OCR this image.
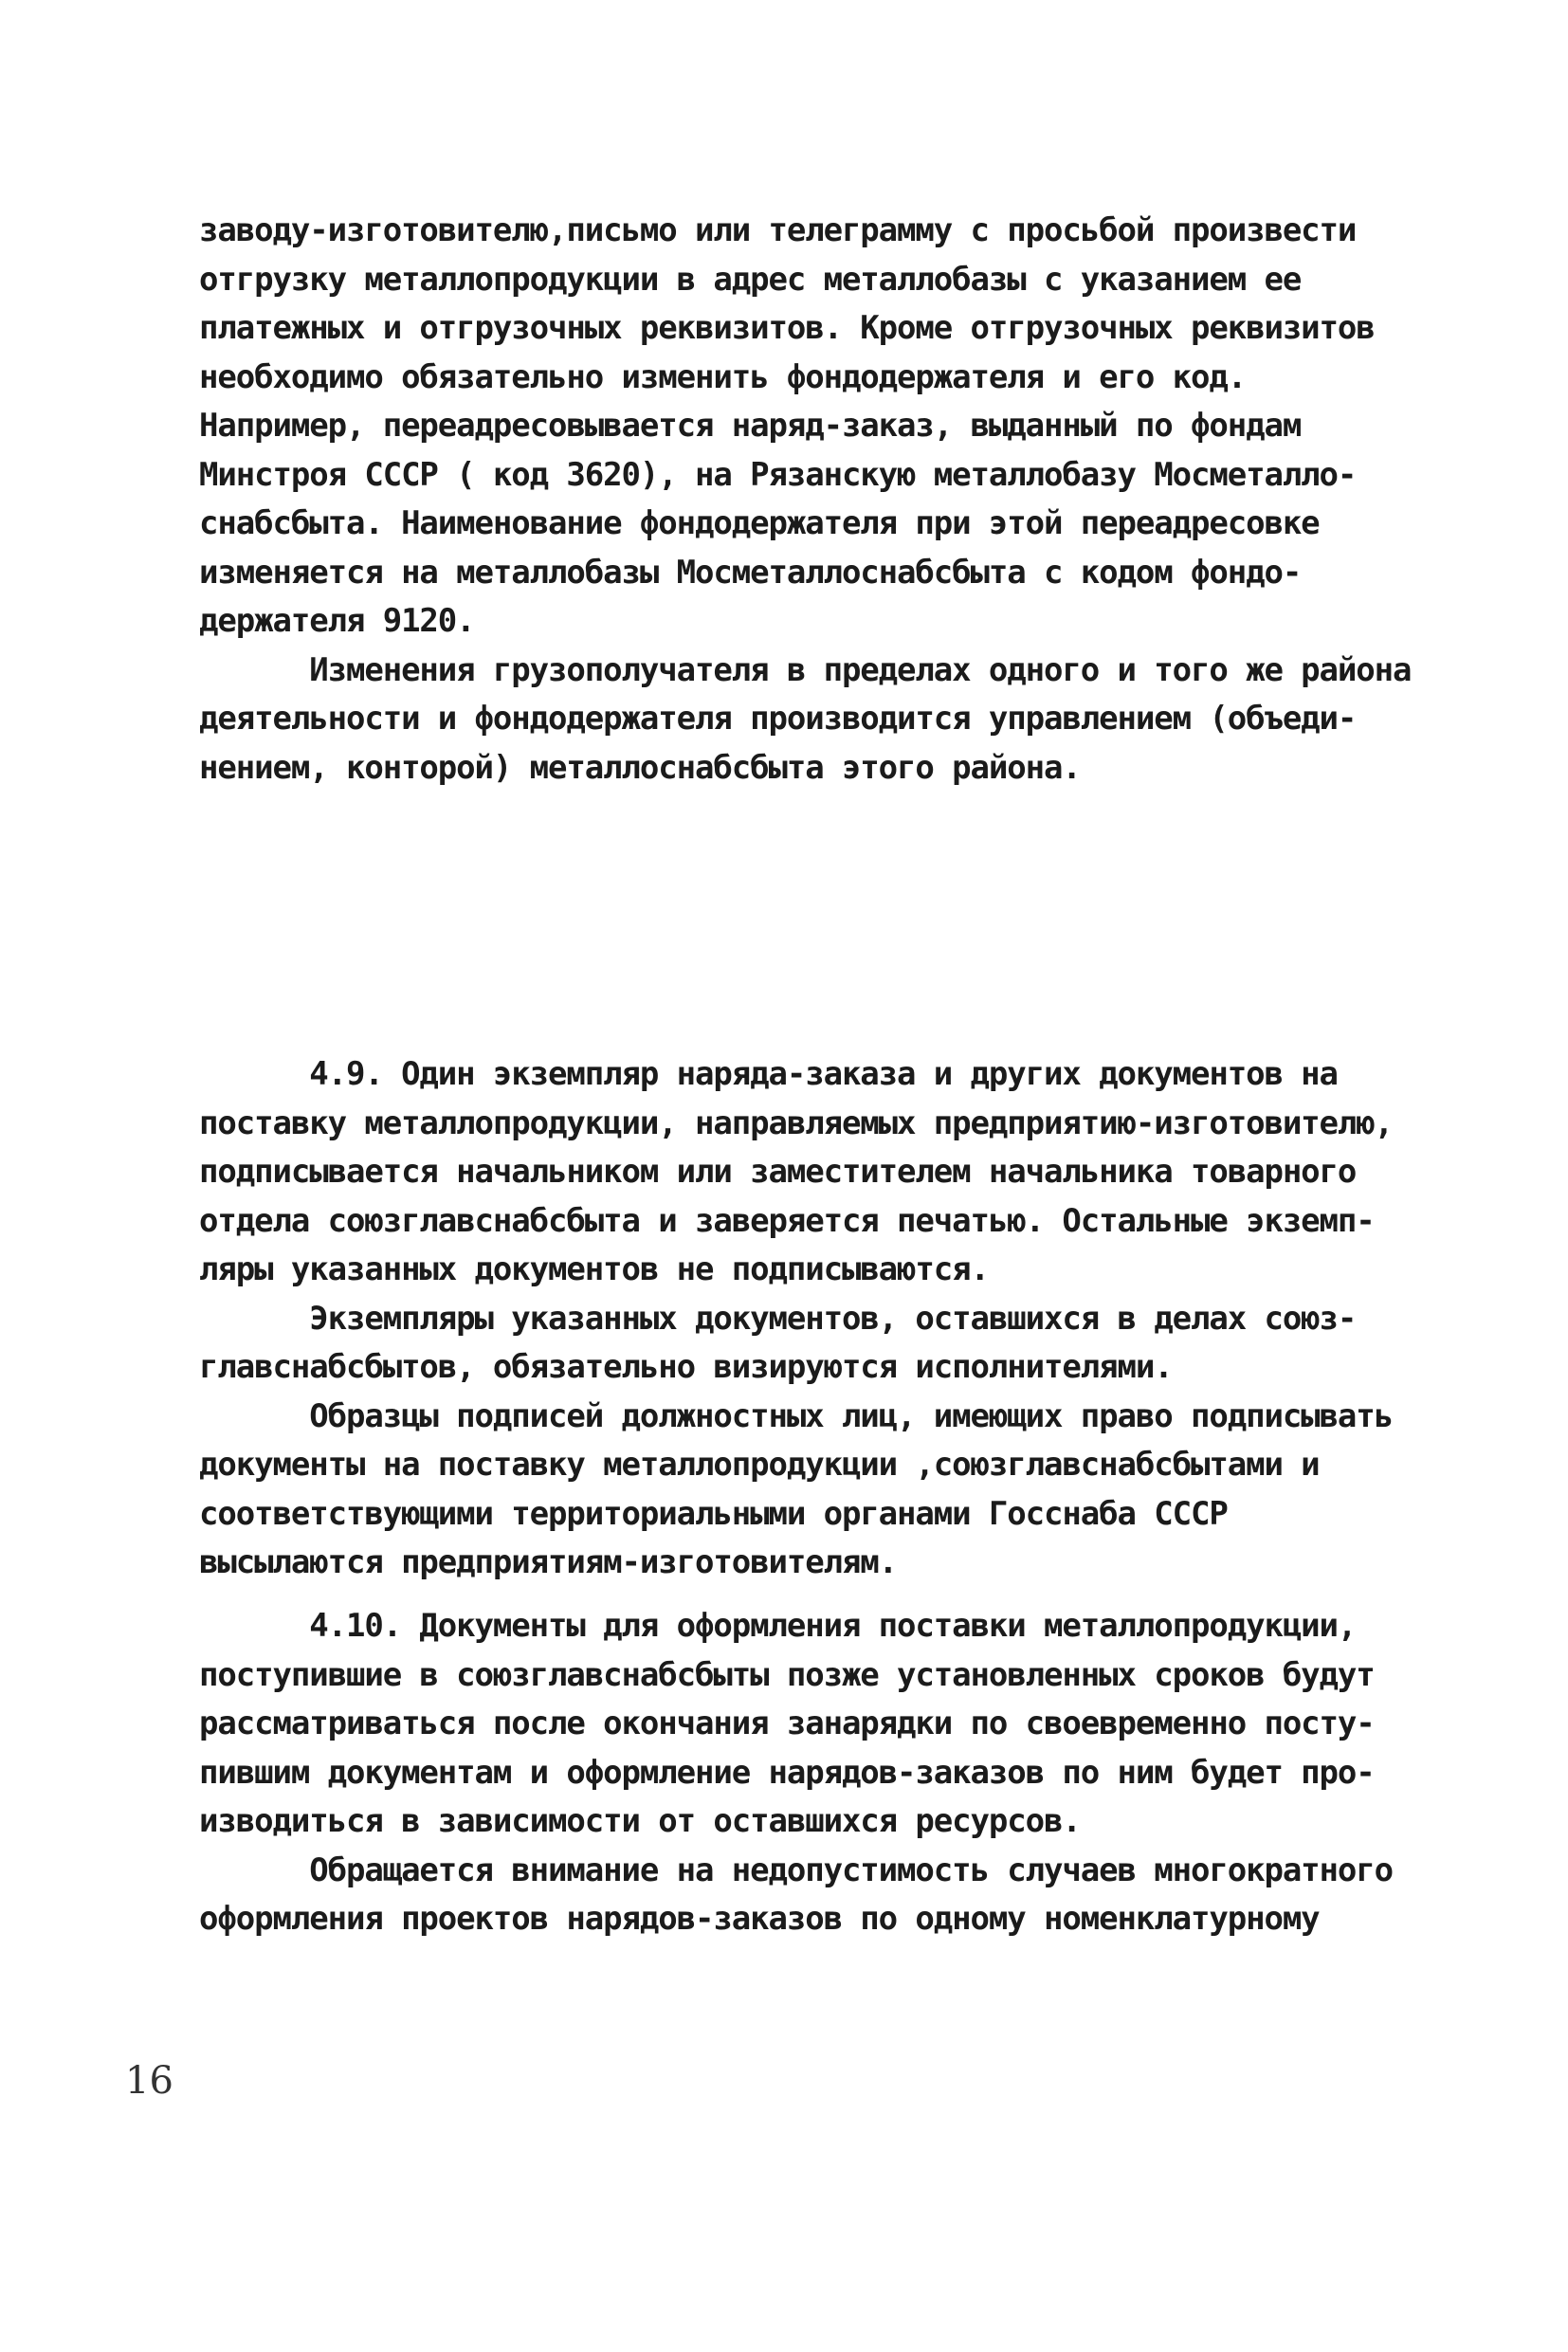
заводу-изготовителю,письмо или телеграмму с просьбой произвести
отгрузку металлопродукции в адрес металлобазы с указанием ее
платежных и отгрузочных реквизитов. Кроме отгрузочных реквизитов
необходимо обязательно изменить фондодержателя и его код.
Например, переадресовывается наряд-заказ, выданный по фондам
Минстроя СССР ( код 3620), на Рязанскую металлобазу Мосметалло-
снабсбыта. Наименование фондодержателя при этой переадресовке
изменяется на металлобазы Мосметаллоснабсбыта с кодом фондо-
держателя 9120.
Изменения грузополучателя в пределах одного и того же района
деятельности и фондодержателя производится управлением (объеди-
нением, конторой) металлоснабсбыта этого района.
4.9. Один экземпляр наряда-заказа и других документов на
поставку металлопродукции, направляемых предприятию-изготовителю,
подписывается начальником или заместителем начальника товарного
отдела союзглавснабсбыта и заверяется печатью. Остальные экземп-
ляры указанных документов не подписываются.
Экземпляры указанных документов, оставшихся в делах союз-
главснабсбытов, обязательно визируются исполнителями.
Образцы подписей должностных лиц, имеющих право подписывать
документы на поставку металлопродукции ,союзглавснабсбытами и
соответствующими территориальными органами Госснаба СССР
высылаются предприятиям-изготовителям.
4.10. Документы для оформления поставки металлопродукции,
поступившие в союзглавснабсбыты позже установленных сроков будут
рассматриваться после окончания занарядки по своевременно посту-
пившим документам и оформление нарядов-заказов по ним будет про-
изводиться в зависимости от оставшихся ресурсов.
Обращается внимание на недопустимость случаев многократного
оформления проектов нарядов-заказов по одному номенклатурному
16
